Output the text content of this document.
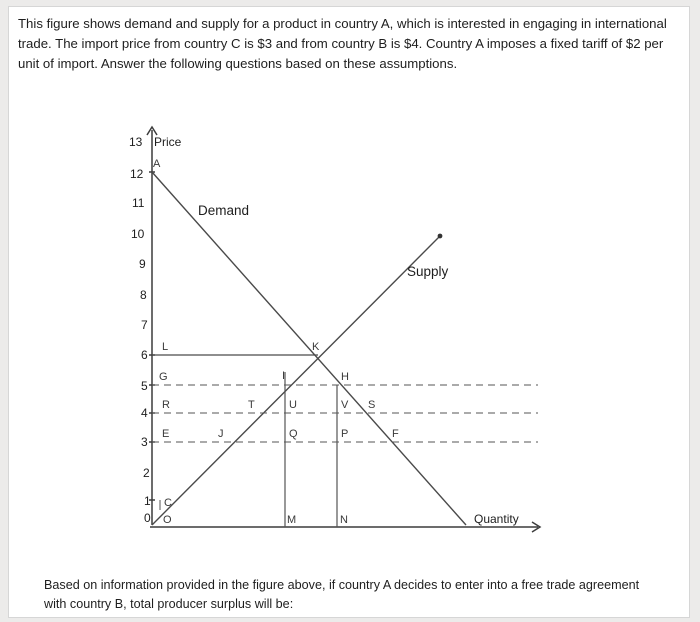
This figure shows demand and supply for a product in country A, which is interested in engaging in international trade. The import price from country C is $3 and from country B is $4. Country A imposes a fixed tariff of $2 per unit of import. Answer the following questions based on these assumptions.

Price
Quantity
13
12
11
10
9
8
7
6
5
4
3
2
1
0
Demand
Supply
A
L
G
R
E
C
O
K
I	H
T	U	V S
J	Q	P	F
M	N

Based on information provided in the figure above, if country A decides to enter into a free trade agreement with country B, total producer surplus will be:
